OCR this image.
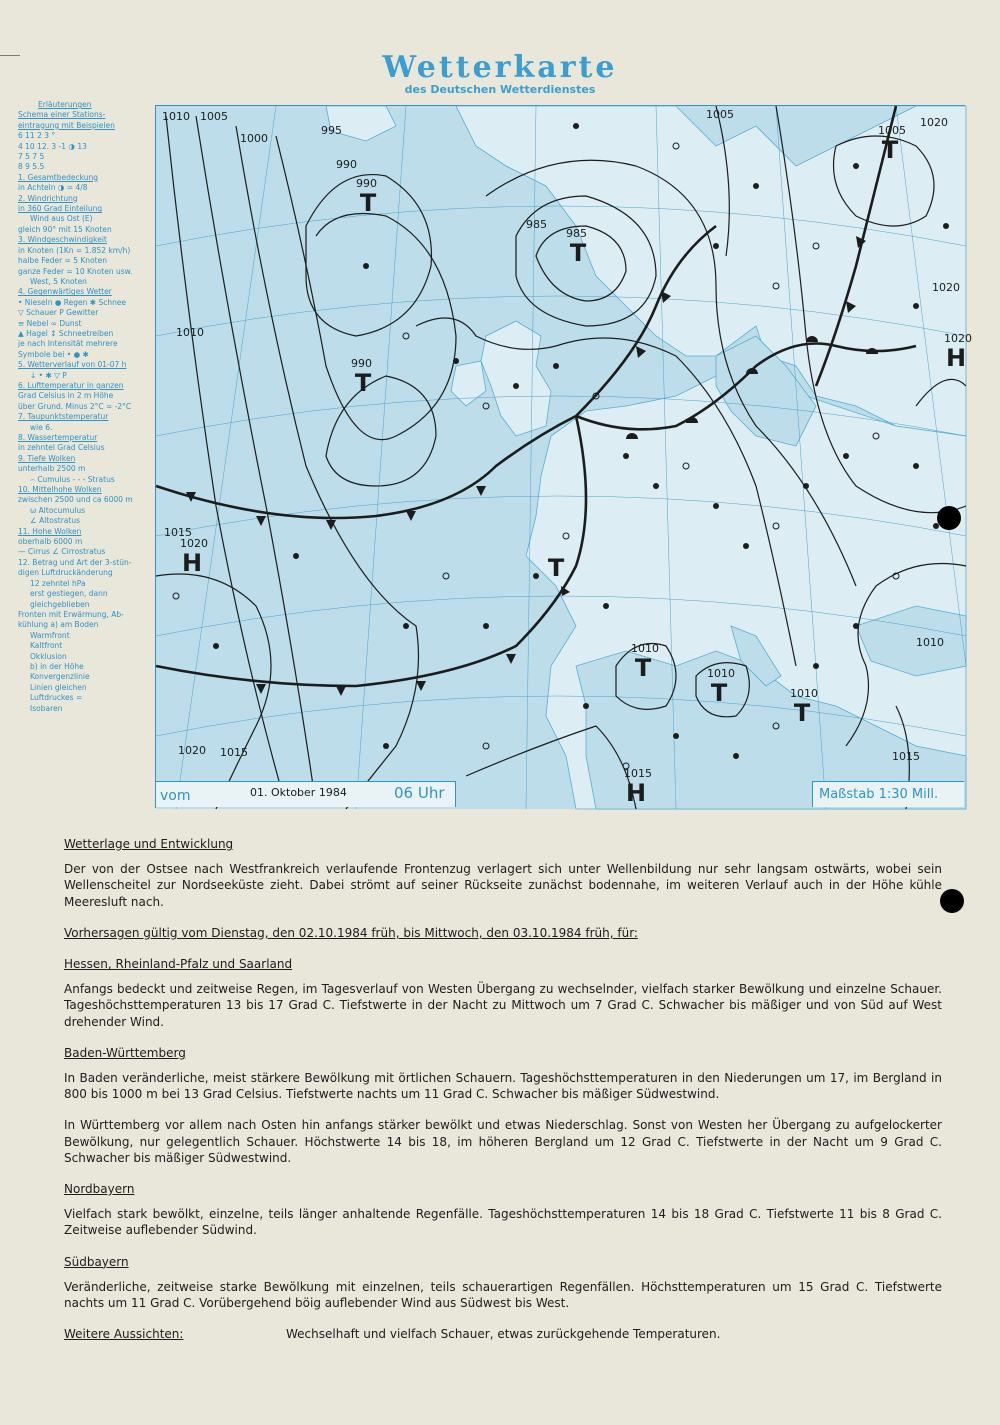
Wetterkarte
des Deutschen Wetterdienstes
Erläuterungen
Schema einer Stations-
eintragung mit Beispielen
6 11 2 3 °
4 10 12. 3 -1 ◑ 13
7 5 7 5
8 9 5.5
1. Gesamtbedeckung
in Achteln ◑ = 4/8
2. Windrichtung
in 360 Grad Einteilung
Wind aus Ost (E)
gleich 90° mit 15 Knoten
3. Windgeschwindigkeit
in Knoten (1Kn = 1.852 km/h)
halbe Feder = 5 Knoten
ganze Feder = 10 Knoten usw.
West, 5 Knoten
4. Gegenwärtiges Wetter
• Nieseln ● Regen ✱ Schnee
▽ Schauer Ρ Gewitter
≡ Nebel ∞ Dunst
▲ Hagel ↕ Schneetreiben
je nach Intensität mehrere
Symbole bei • ● ✱
5. Wetterverlauf von 01-07 h
↓ • ✱ ▽ Ρ
6. Lufttemperatur in ganzen
Grad Celsius in 2 m Höhe
über Grund. Minus 2°C = -2°C
7. Taupunktstemperatur
wie 6.
8. Wassertemperatur
in zehntel Grad Celsius
9. Tiefe Wolken
unterhalb 2500 m
⌢ Cumulus - - - Stratus
10. Mittelhohe Wolken
zwischen 2500 und ca 6000 m
ω Altocumulus
∠ Altostratus
11. Hohe Wolken
oberhalb 6000 m
— Cirrus ∠ Cirrostratus
12. Betrag und Art der 3-stün-
digen Luftdruckänderung
12 zehntel hPa
erst gestiegen, dann
gleichgeblieben
Fronten mit Erwärmung, Ab-
kühlung a) am Boden
Warmfront
Kaltfront
Okklusion
b) in der Höhe
Konvergenzlinie
Linien gleichen
Luftdruckes =
Isobaren
T
990
T
990
T
985
T
1005
T
1010
T
1010
T
1010
T
H
1020
H
1020
H
1015
1010 1005
1000
995
990
985
1005
1010
1015
1020 1015
1020
1010
1015
1020
vom	01. Oktober 1984	06 Uhr	Maßstab 1:30 Mill.
Wetterlage und Entwicklung

Der von der Ostsee nach Westfrankreich verlaufende Frontenzug verlagert sich unter Wellenbildung nur sehr langsam ostwärts, wobei sein Wellenscheitel zur Nordseeküste zieht. Dabei strömt auf seiner Rückseite zunächst bodennahe, im weiteren Verlauf auch in der Höhe kühle Meeresluft nach.

Vorhersagen gültig vom Dienstag, den 02.10.1984 früh, bis Mittwoch, den 03.10.1984 früh, für:
Hessen, Rheinland-Pfalz und Saarland

Anfangs bedeckt und zeitweise Regen, im Tagesverlauf von Westen Übergang zu wechselnder, vielfach starker Bewölkung und einzelne Schauer. Tageshöchsttemperaturen 13 bis 17 Grad C. Tiefstwerte in der Nacht zu Mittwoch um 7 Grad C. Schwacher bis mäßiger und von Süd auf West drehender Wind.

Baden-Württemberg

In Baden veränderliche, meist stärkere Bewölkung mit örtlichen Schauern. Tageshöchsttemperaturen in den Niederungen um 17, im Bergland in 800 bis 1000 m bei 13 Grad Celsius. Tiefstwerte nachts um 11 Grad C. Schwacher bis mäßiger Südwestwind.

In Württemberg vor allem nach Osten hin anfangs stärker bewölkt und etwas Niederschlag. Sonst von Westen her Übergang zu aufgelockerter Bewölkung, nur gelegentlich Schauer. Höchstwerte 14 bis 18, im höheren Bergland um 12 Grad C. Tiefstwerte in der Nacht um 9 Grad C. Schwacher bis mäßiger Südwestwind.

Nordbayern

Vielfach stark bewölkt, einzelne, teils länger anhaltende Regenfälle. Tageshöchsttemperaturen 14 bis 18 Grad C. Tiefstwerte 11 bis 8 Grad C. Zeitweise auflebender Südwind.

Südbayern

Veränderliche, zeitweise starke Bewölkung mit einzelnen, teils schauerartigen Regenfällen. Höchsttemperaturen um 15 Grad C. Tiefstwerte nachts um 11 Grad C. Vorübergehend böig auflebender Wind aus Südwest bis West.

Weitere Aussichten:	Wechselhaft und vielfach Schauer, etwas zurückgehende Temperaturen.
